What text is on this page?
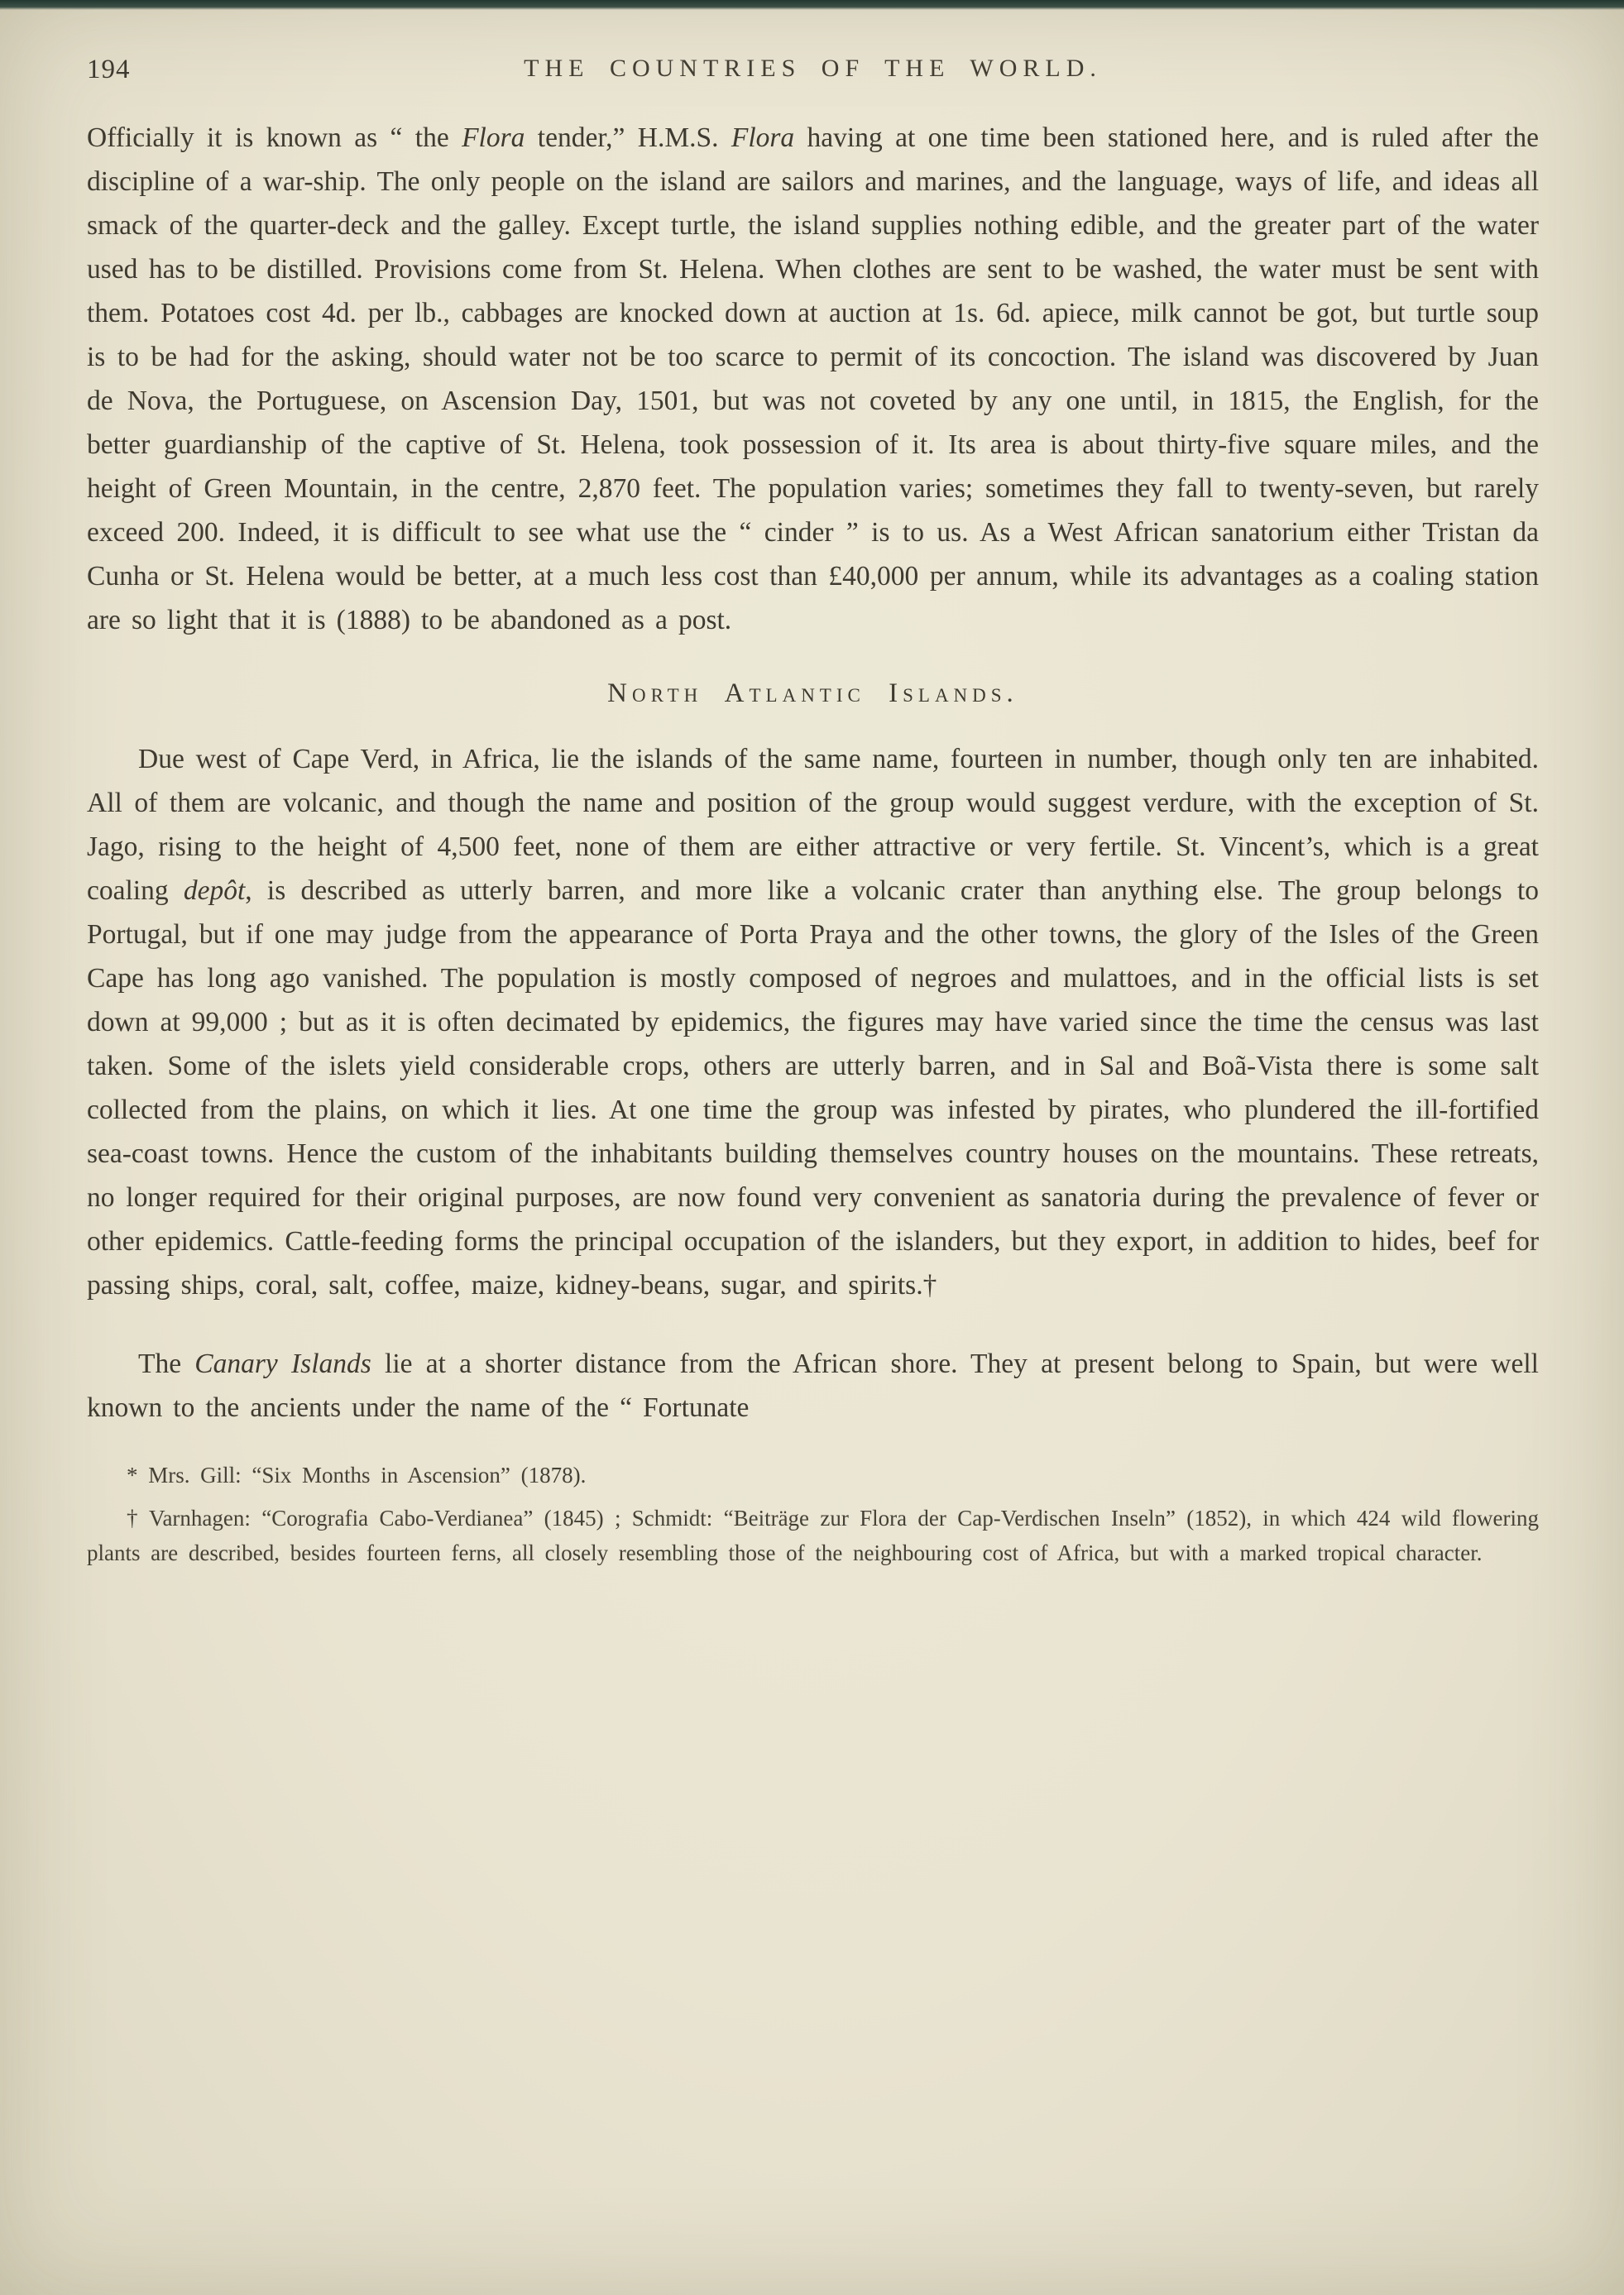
194	THE COUNTRIES OF THE WORLD.

Officially it is known as “ the Flora tender,” H.M.S. Flora having at one time been stationed here, and is ruled after the discipline of a war-ship. The only people on the island are sailors and marines, and the language, ways of life, and ideas all smack of the quarter-deck and the galley. Except turtle, the island supplies nothing edible, and the greater part of the water used has to be distilled. Provisions come from St. Helena. When clothes are sent to be washed, the water must be sent with them. Potatoes cost 4d. per lb., cabbages are knocked down at auction at 1s. 6d. apiece, milk cannot be got, but turtle soup is to be had for the asking, should water not be too scarce to permit of its concoction. The island was discovered by Juan de Nova, the Portuguese, on Ascension Day, 1501, but was not coveted by any one until, in 1815, the English, for the better guardianship of the captive of St. Helena, took possession of it. Its area is about thirty-five square miles, and the height of Green Mountain, in the centre, 2,870 feet. The population varies; sometimes they fall to twenty-seven, but rarely exceed 200. Indeed, it is difficult to see what use the “ cinder ” is to us. As a West African sanatorium either Tristan da Cunha or St. Helena would be better, at a much less cost than £40,000 per annum, while its advantages as a coaling station are so light that it is (1888) to be abandoned as a post.

North Atlantic Islands.

Due west of Cape Verd, in Africa, lie the islands of the same name, fourteen in number, though only ten are inhabited. All of them are volcanic, and though the name and position of the group would suggest verdure, with the exception of St. Jago, rising to the height of 4,500 feet, none of them are either attractive or very fertile. St. Vincent’s, which is a great coaling depôt, is described as utterly barren, and more like a volcanic crater than anything else. The group belongs to Portugal, but if one may judge from the appearance of Porta Praya and the other towns, the glory of the Isles of the Green Cape has long ago vanished. The population is mostly composed of negroes and mulattoes, and in the official lists is set down at 99,000 ; but as it is often decimated by epidemics, the figures may have varied since the time the census was last taken. Some of the islets yield considerable crops, others are utterly barren, and in Sal and Boã-Vista there is some salt collected from the plains, on which it lies. At one time the group was infested by pirates, who plundered the ill-fortified sea-coast towns. Hence the custom of the inhabitants building themselves country houses on the mountains. These retreats, no longer required for their original purposes, are now found very convenient as sanatoria during the prevalence of fever or other epidemics. Cattle-feeding forms the principal occupation of the islanders, but they export, in addition to hides, beef for passing ships, coral, salt, coffee, maize, kidney-beans, sugar, and spirits.†

The Canary Islands lie at a shorter distance from the African shore. They at present belong to Spain, but were well known to the ancients under the name of the “ Fortunate

* Mrs. Gill: “Six Months in Ascension” (1878).

† Varnhagen: “Corografia Cabo-Verdianea” (1845) ; Schmidt: “Beiträge zur Flora der Cap-Verdischen Inseln” (1852), in which 424 wild flowering plants are described, besides fourteen ferns, all closely resembling those of the neighbouring cost of Africa, but with a marked tropical character.
